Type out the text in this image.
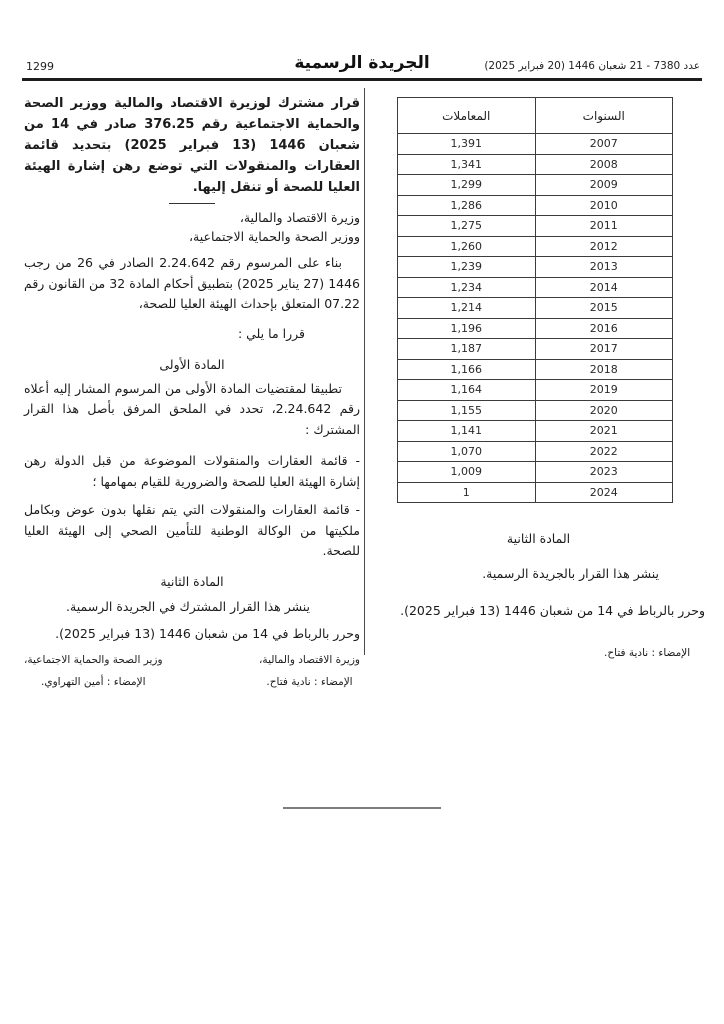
عدد 7380 - 21 شعبان 1446 (20 فبراير 2025)
الجريدة الرسمية
1299
السنوات	المعاملات
2007	1,391
2008	1,341
2009	1,299
2010	1,286
2011	1,275
2012	1,260
2013	1,239
2014	1,234
2015	1,214
2016	1,196
2017	1,187
2018	1,166
2019	1,164
2020	1,155
2021	1,141
2022	1,070
2023	1,009
2024	1

المادة الثانية

ينشر هذا القرار بالجريدة الرسمية.

وحرر بالرباط في 14 من شعبان 1446 (13 فبراير 2025).

الإمضاء : نادية فتاح.

قرار مشترك لوزيرة الاقتصاد والمالية ووزير الصحة والحماية الاجتماعية رقم 376.25 صادر في 14 من شعبان 1446 (13 فبراير 2025) بتحديد قائمة العقارات والمنقولات التي توضع رهن إشارة الهيئة العليا للصحة أو تنقل إليها.

وزيرة الاقتصاد والمالية،

ووزير الصحة والحماية الاجتماعية،

بناء على المرسوم رقم 2.24.642 الصادر في 26 من رجب 1446 (27 يناير 2025) بتطبيق أحكام المادة 32 من القانون رقم 07.22 المتعلق بإحداث الهيئة العليا للصحة،

قررا ما يلي :

المادة الأولى

تطبيقا لمقتضيات المادة الأولى من المرسوم المشار إليه أعلاه رقم 2.24.642، تحدد في الملحق المرفق بأصل هذا القرار المشترك :

- قائمة العقارات والمنقولات الموضوعة من قبل الدولة رهن إشارة الهيئة العليا للصحة والضرورية للقيام بمهامها ؛

- قائمة العقارات والمنقولات التي يتم نقلها بدون عوض وبكامل ملكيتها من الوكالة الوطنية للتأمين الصحي إلى الهيئة العليا للصحة.

المادة الثانية

ينشر هذا القرار المشترك في الجريدة الرسمية.

وحرر بالرباط في 14 من شعبان 1446 (13 فبراير 2025).

وزيرة الاقتصاد والمالية،
الإمضاء : نادية فتاح.
وزير الصحة والحماية الاجتماعية،
الإمضاء : أمين التهراوي.
